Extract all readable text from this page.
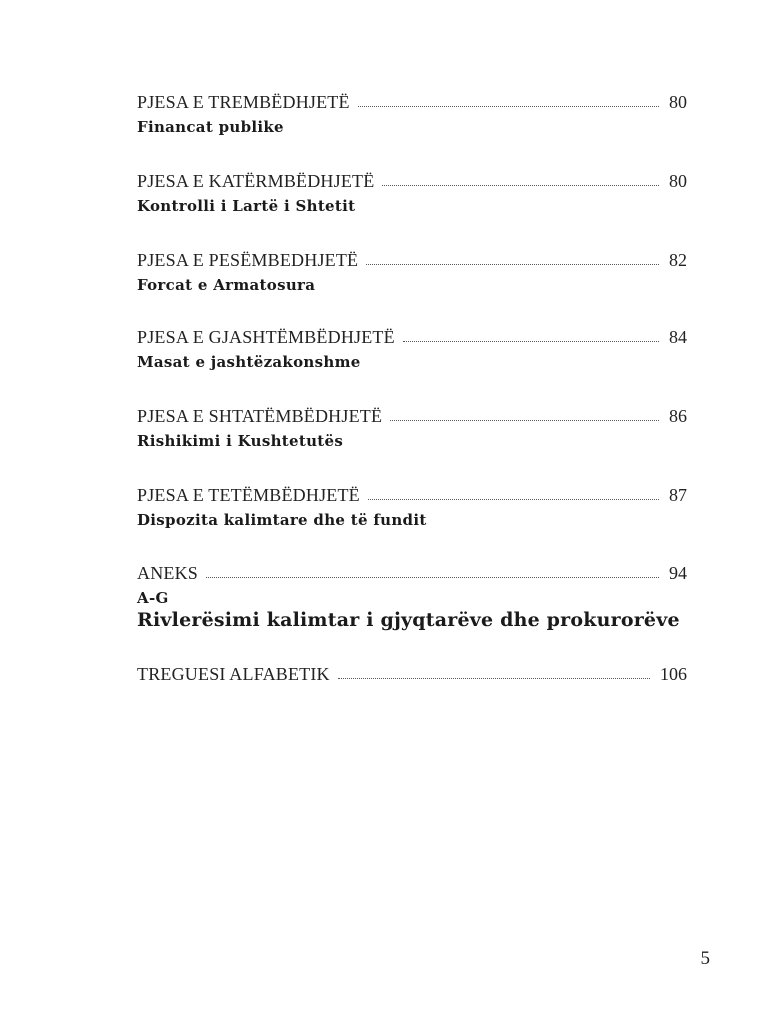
PJESA E TREMBËDHJETË	80
Financat publike
PJESA E KATËRMBËDHJETË	80
Kontrolli i Lartë i Shtetit
PJESA E PESËMBEDHJETË	82
Forcat e Armatosura
PJESA E GJASHTËMBËDHJETË	84
Masat e jashtëzakonshme
PJESA E SHTATËMBËDHJETË	86
Rishikimi i Kushtetutës
PJESA E TETËMBËDHJETË	87
Dispozita kalimtare dhe të fundit
ANEKS	94
A-G
Rivlerësimi kalimtar i gjyqtarëve dhe prokurorëve
TREGUESI ALFABETIK	106
5
